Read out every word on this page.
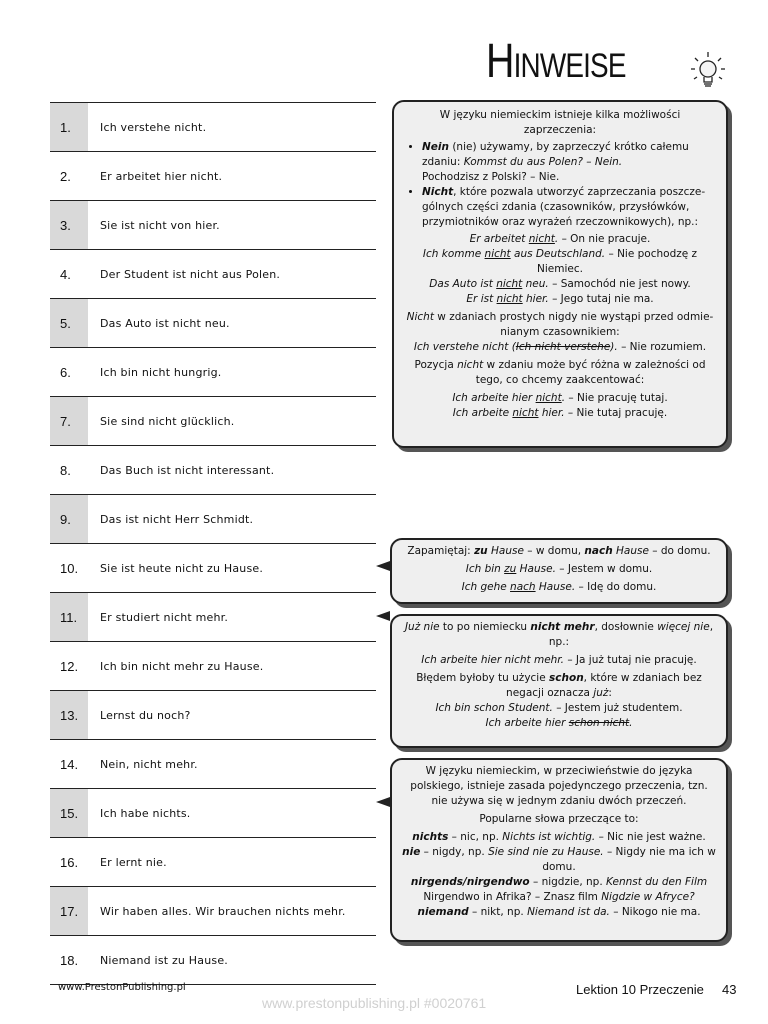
Hinweise
1.	Ich verstehe nicht.
2.	Er arbeitet hier nicht.
3.	Sie ist nicht von hier.
4.	Der Student ist nicht aus Polen.
5.	Das Auto ist nicht neu.
6.	Ich bin nicht hungrig.
7.	Sie sind nicht glücklich.
8.	Das Buch ist nicht interessant.
9.	Das ist nicht Herr Schmidt.
10.	Sie ist heute nicht zu Hause.
11.	Er studiert nicht mehr.
12.	Ich bin nicht mehr zu Hause.
13.	Lernst du noch?
14.	Nein, nicht mehr.
15.	Ich habe nichts.
16.	Er lernt nie.
17.	Wir haben alles. Wir brauchen nichts mehr.
18.	Niemand ist zu Hause.

W języku niemieckim istnieje kilka możliwości zaprzeczenia:

• Nein (nie) używamy, by zaprzeczyć krótko całemu zdaniu: Kommst du aus Polen? – Nein.
Pochodzisz z Polski? – Nie.
• Nicht, które pozwala utworzyć zaprzeczania poszcze-gólnych części zdania (czasowników, przysłówków, przymiotników oraz wyrażeń rzeczownikowych), np.:

Er arbeitet nicht. – On nie pracuje.

Ich komme nicht aus Deutschland. – Nie pochodzę z Niemiec.

Das Auto ist nicht neu. – Samochód nie jest nowy.

Er ist nicht hier. – Jego tutaj nie ma.

Nicht w zdaniach prostych nigdy nie wystąpi przed odmie-nianym czasownikiem:

Ich verstehe nicht (Ich nicht verstehe). – Nie rozumiem.

Pozycja nicht w zdaniu może być różna w zależności od tego, co chcemy zaakcentować:

Ich arbeite hier nicht. – Nie pracuję tutaj.

Ich arbeite nicht hier. – Nie tutaj pracuję.

Zapamiętaj: zu Hause – w domu, nach Hause – do domu.

Ich bin zu Hause. – Jestem w domu.

Ich gehe nach Hause. – Idę do domu.

Już nie to po niemiecku nicht mehr, dosłownie więcej nie, np.:

Ich arbeite hier nicht mehr. – Ja już tutaj nie pracuję.

Błędem byłoby tu użycie schon, które w zdaniach bez negacji oznacza już:

Ich bin schon Student. – Jestem już studentem.

Ich arbeite hier schon nicht.

W języku niemieckim, w przeciwieństwie do języka polskiego, istnieje zasada pojedynczego przeczenia, tzn. nie używa się w jednym zdaniu dwóch przeczeń.

Popularne słowa przeczące to:

nichts – nic, np. Nichts ist wichtig. – Nic nie jest ważne.

nie – nigdy, np. Sie sind nie zu Hause. – Nigdy nie ma ich w domu.

nirgends/nirgendwo – nigdzie, np. Kennst du den Film Nirgendwo in Afrika? – Znasz film Nigdzie w Afryce?

niemand – nikt, np. Niemand ist da. – Nikogo nie ma.

www.PrestonPublishing.pl	Lektion 10 Przeczenie 43
www.prestonpublishing.pl #0020761
